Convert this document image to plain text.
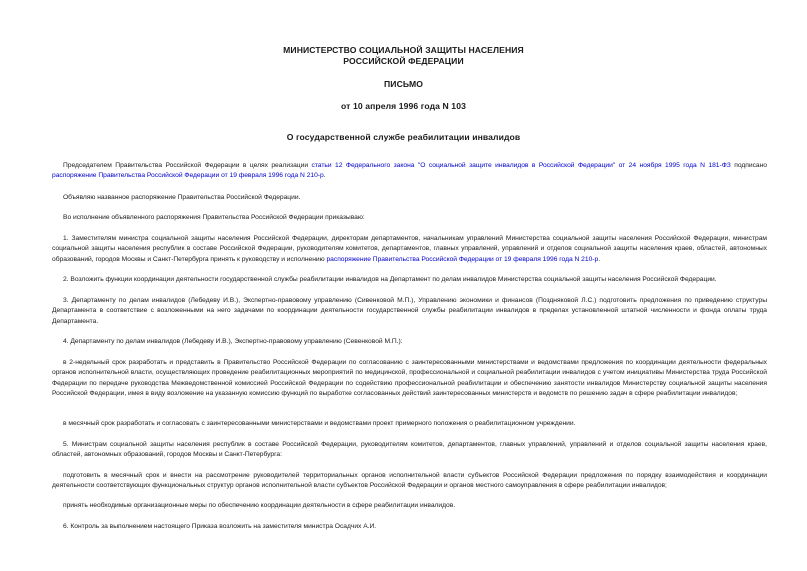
МИНИСТЕРСТВО СОЦИАЛЬНОЙ ЗАЩИТЫ НАСЕЛЕНИЯ
РОССИЙСКОЙ ФЕДЕРАЦИИ
ПИСЬМО
от 10 апреля 1996 года N 103
О государственной службе реабилитации инвалидов

Председателем Правительства Российской Федерации в целях реализации статьи 12 Федерального закона "О социальной защите инвалидов в Российской Федерации" от 24 ноября 1995 года N 181-ФЗ подписано распоряжение Правительства Российской Федерации от 19 февраля 1996 года N 210-р.

Объявляю названное распоряжение Правительства Российской Федерации.

Во исполнение объявленного распоряжения Правительства Российской Федерации приказываю:

1. Заместителям министра социальной защиты населения Российской Федерации, директорам департаментов, начальникам управлений Министерства социальной защиты населения Российской Федерации, министрам социальной защиты населения республик в составе Российской Федерации, руководителям комитетов, департаментов, главных управлений, управлений и отделов социальной защиты населения краев, областей, автономных образований, городов Москвы и Санкт-Петербурга принять к руководству и исполнению распоряжение Правительства Российской Федерации от 19 февраля 1996 года N 210-р.

2. Возложить функции координации деятельности государственной службы реабилитации инвалидов на Департамент по делам инвалидов Министерства социальной защиты населения Российской Федерации.

3. Департаменту по делам инвалидов (Лебедеву И.В.), Экспертно-правовому управлению (Сивенковой М.П.), Управлению экономики и финансов (Поздняковой Л.С.) подготовить предложения по приведению структуры Департамента в соответствие с возложенными на него задачами по координации деятельности государственной службы реабилитации инвалидов в пределах установленной штатной численности и фонда оплаты труда Департамента.

4. Департаменту по делам инвалидов (Лебедеву И.В.), Экспертно-правовому управлению (Севенковой М.П.):

в 2-недельный срок разработать и представить в Правительство Российской Федерации по согласованию с заинтересованными министерствами и ведомствами предложения по координации деятельности федеральных органов исполнительной власти, осуществляющих проведение реабилитационных мероприятий по медицинской, профессиональной и социальной реабилитации инвалидов с учетом инициативы Министерства труда Российской Федерации по передаче руководства Межведомственной комиссией Российской Федерации по содействию профессиональной реабилитации и обеспечению занятости инвалидов Министерству социальной защиты населения Российской Федерации, имея в виду возложение на указанную комиссию функций по выработке согласованных действий заинтересованных министерств и ведомств по решению задач в сфере реабилитации инвалидов;

в месячный срок разработать и согласовать с заинтересованными министерствами и ведомствами проект примерного положения о реабилитационном учреждении.

5. Министрам социальной защиты населения республик в составе Российской Федерации, руководителям комитетов, департаментов, главных управлений, управлений и отделов социальной защиты населения краев, областей, автономных образований, городов Москвы и Санкт-Петербурга:

подготовить в месячный срок и внести на рассмотрение руководителей территориальных органов исполнительной власти субъектов Российской Федерации предложения по порядку взаимодействия и координации деятельности соответствующих функциональных структур органов исполнительной власти субъектов Российской Федерации и органов местного самоуправления в сфере реабилитации инвалидов;

принять необходимые организационные меры по обеспечению координации деятельности в сфере реабилитации инвалидов.

6. Контроль за выполнением настоящего Приказа возложить на заместителя министра Осадчих А.И.
